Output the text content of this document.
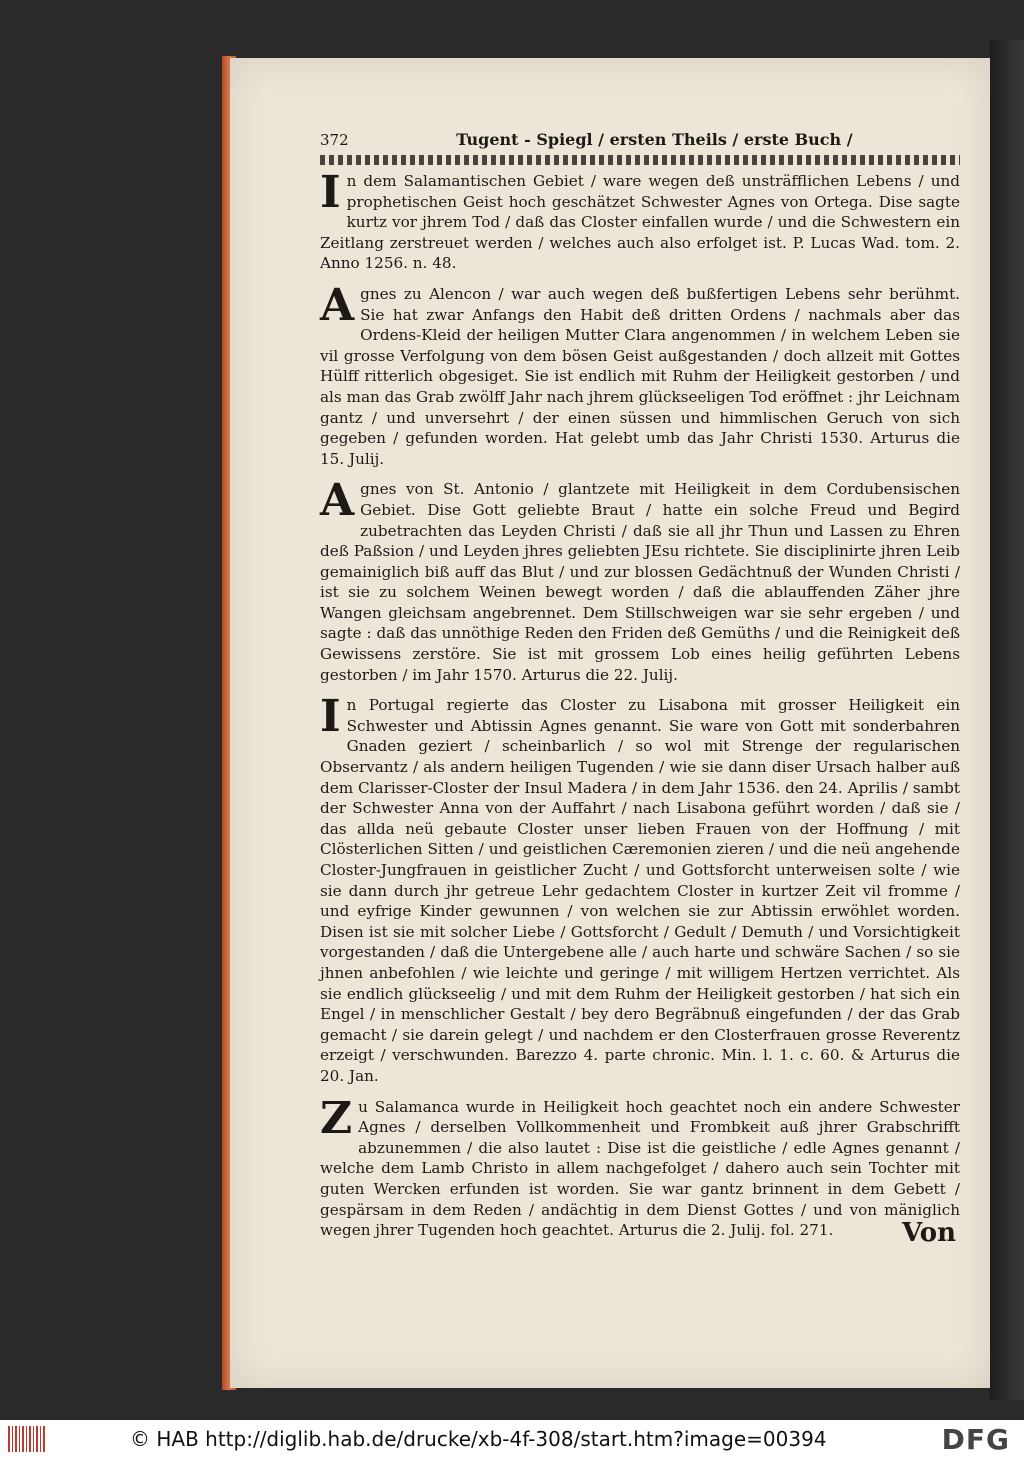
372	Tugent - Spiegl / ersten Theils / erste Buch /

In dem Salamantischen Gebiet / ware wegen deß unsträfflichen Lebens / und prophetischen Geist hoch geschätzet Schwester Agnes von Ortega. Dise sagte kurtz vor jhrem Tod / daß das Closter einfallen wurde / und die Schwestern ein Zeitlang zerstreuet werden / welches auch also erfolget ist. P. Lucas Wad. tom. 2. Anno 1256. n. 48.

Agnes zu Alencon / war auch wegen deß bußfertigen Lebens sehr berühmt. Sie hat zwar Anfangs den Habit deß dritten Ordens / nachmals aber das Ordens-Kleid der heiligen Mutter Clara angenommen / in welchem Leben sie vil grosse Verfolgung von dem bösen Geist außgestanden / doch allzeit mit Gottes Hülff ritterlich obgesiget. Sie ist endlich mit Ruhm der Heiligkeit gestorben / und als man das Grab zwölff Jahr nach jhrem glückseeligen Tod eröffnet : jhr Leichnam gantz / und unversehrt / der einen süssen und himmlischen Geruch von sich gegeben / gefunden worden. Hat gelebt umb das Jahr Christi 1530. Arturus die 15. Julij.

Agnes von St. Antonio / glantzete mit Heiligkeit in dem Cordubensischen Gebiet. Dise Gott geliebte Braut / hatte ein solche Freud und Begird zubetrachten das Leyden Christi / daß sie all jhr Thun und Lassen zu Ehren deß Paßsion / und Leyden jhres geliebten JEsu richtete. Sie disciplinirte jhren Leib gemainiglich biß auff das Blut / und zur blossen Gedächtnuß der Wunden Christi / ist sie zu solchem Weinen bewegt worden / daß die ablauffenden Zäher jhre Wangen gleichsam angebrennet. Dem Stillschweigen war sie sehr ergeben / und sagte : daß das unnöthige Reden den Friden deß Gemüths / und die Reinigkeit deß Gewissens zerstöre. Sie ist mit grossem Lob eines heilig geführten Lebens gestorben / im Jahr 1570. Arturus die 22. Julij.

In Portugal regierte das Closter zu Lisabona mit grosser Heiligkeit ein Schwester und Abtissin Agnes genannt. Sie ware von Gott mit sonderbahren Gnaden geziert / scheinbarlich / so wol mit Strenge der regularischen Observantz / als andern heiligen Tugenden / wie sie dann diser Ursach halber auß dem Clarisser-Closter der Insul Madera / in dem Jahr 1536. den 24. Aprilis / sambt der Schwester Anna von der Auffahrt / nach Lisabona geführt worden / daß sie / das allda neü gebaute Closter unser lieben Frauen von der Hoffnung / mit Clösterlichen Sitten / und geistlichen Cæremonien zieren / und die neü angehende Closter-Jungfrauen in geistlicher Zucht / und Gottsforcht unterweisen solte / wie sie dann durch jhr getreue Lehr gedachtem Closter in kurtzer Zeit vil fromme / und eyfrige Kinder gewunnen / von welchen sie zur Abtissin erwöhlet worden. Disen ist sie mit solcher Liebe / Gottsforcht / Gedult / Demuth / und Vorsichtigkeit vorgestanden / daß die Untergebene alle / auch harte und schwäre Sachen / so sie jhnen anbefohlen / wie leichte und geringe / mit willigem Hertzen verrichtet. Als sie endlich glückseelig / und mit dem Ruhm der Heiligkeit gestorben / hat sich ein Engel / in menschlicher Gestalt / bey dero Begräbnuß eingefunden / der das Grab gemacht / sie darein gelegt / und nachdem er den Closterfrauen grosse Reverentz erzeigt / verschwunden. Barezzo 4. parte chronic. Min. l. 1. c. 60. & Arturus die 20. Jan.

Zu Salamanca wurde in Heiligkeit hoch geachtet noch ein andere Schwester Agnes / derselben Vollkommenheit und Frombkeit auß jhrer Grabschrifft abzunemmen / die also lautet : Dise ist die geistliche / edle Agnes genannt / welche dem Lamb Christo in allem nachgefolget / dahero auch sein Tochter mit guten Wercken erfunden ist worden. Sie war gantz brinnent in dem Gebett / gespärsam in dem Reden / andächtig in dem Dienst Gottes / und von mäniglich wegen jhrer Tugenden hoch geachtet. Arturus die 2. Julij. fol. 271.	Von
© HAB http://diglib.hab.de/drucke/xb-4f-308/start.htm?image=00394	DFG
